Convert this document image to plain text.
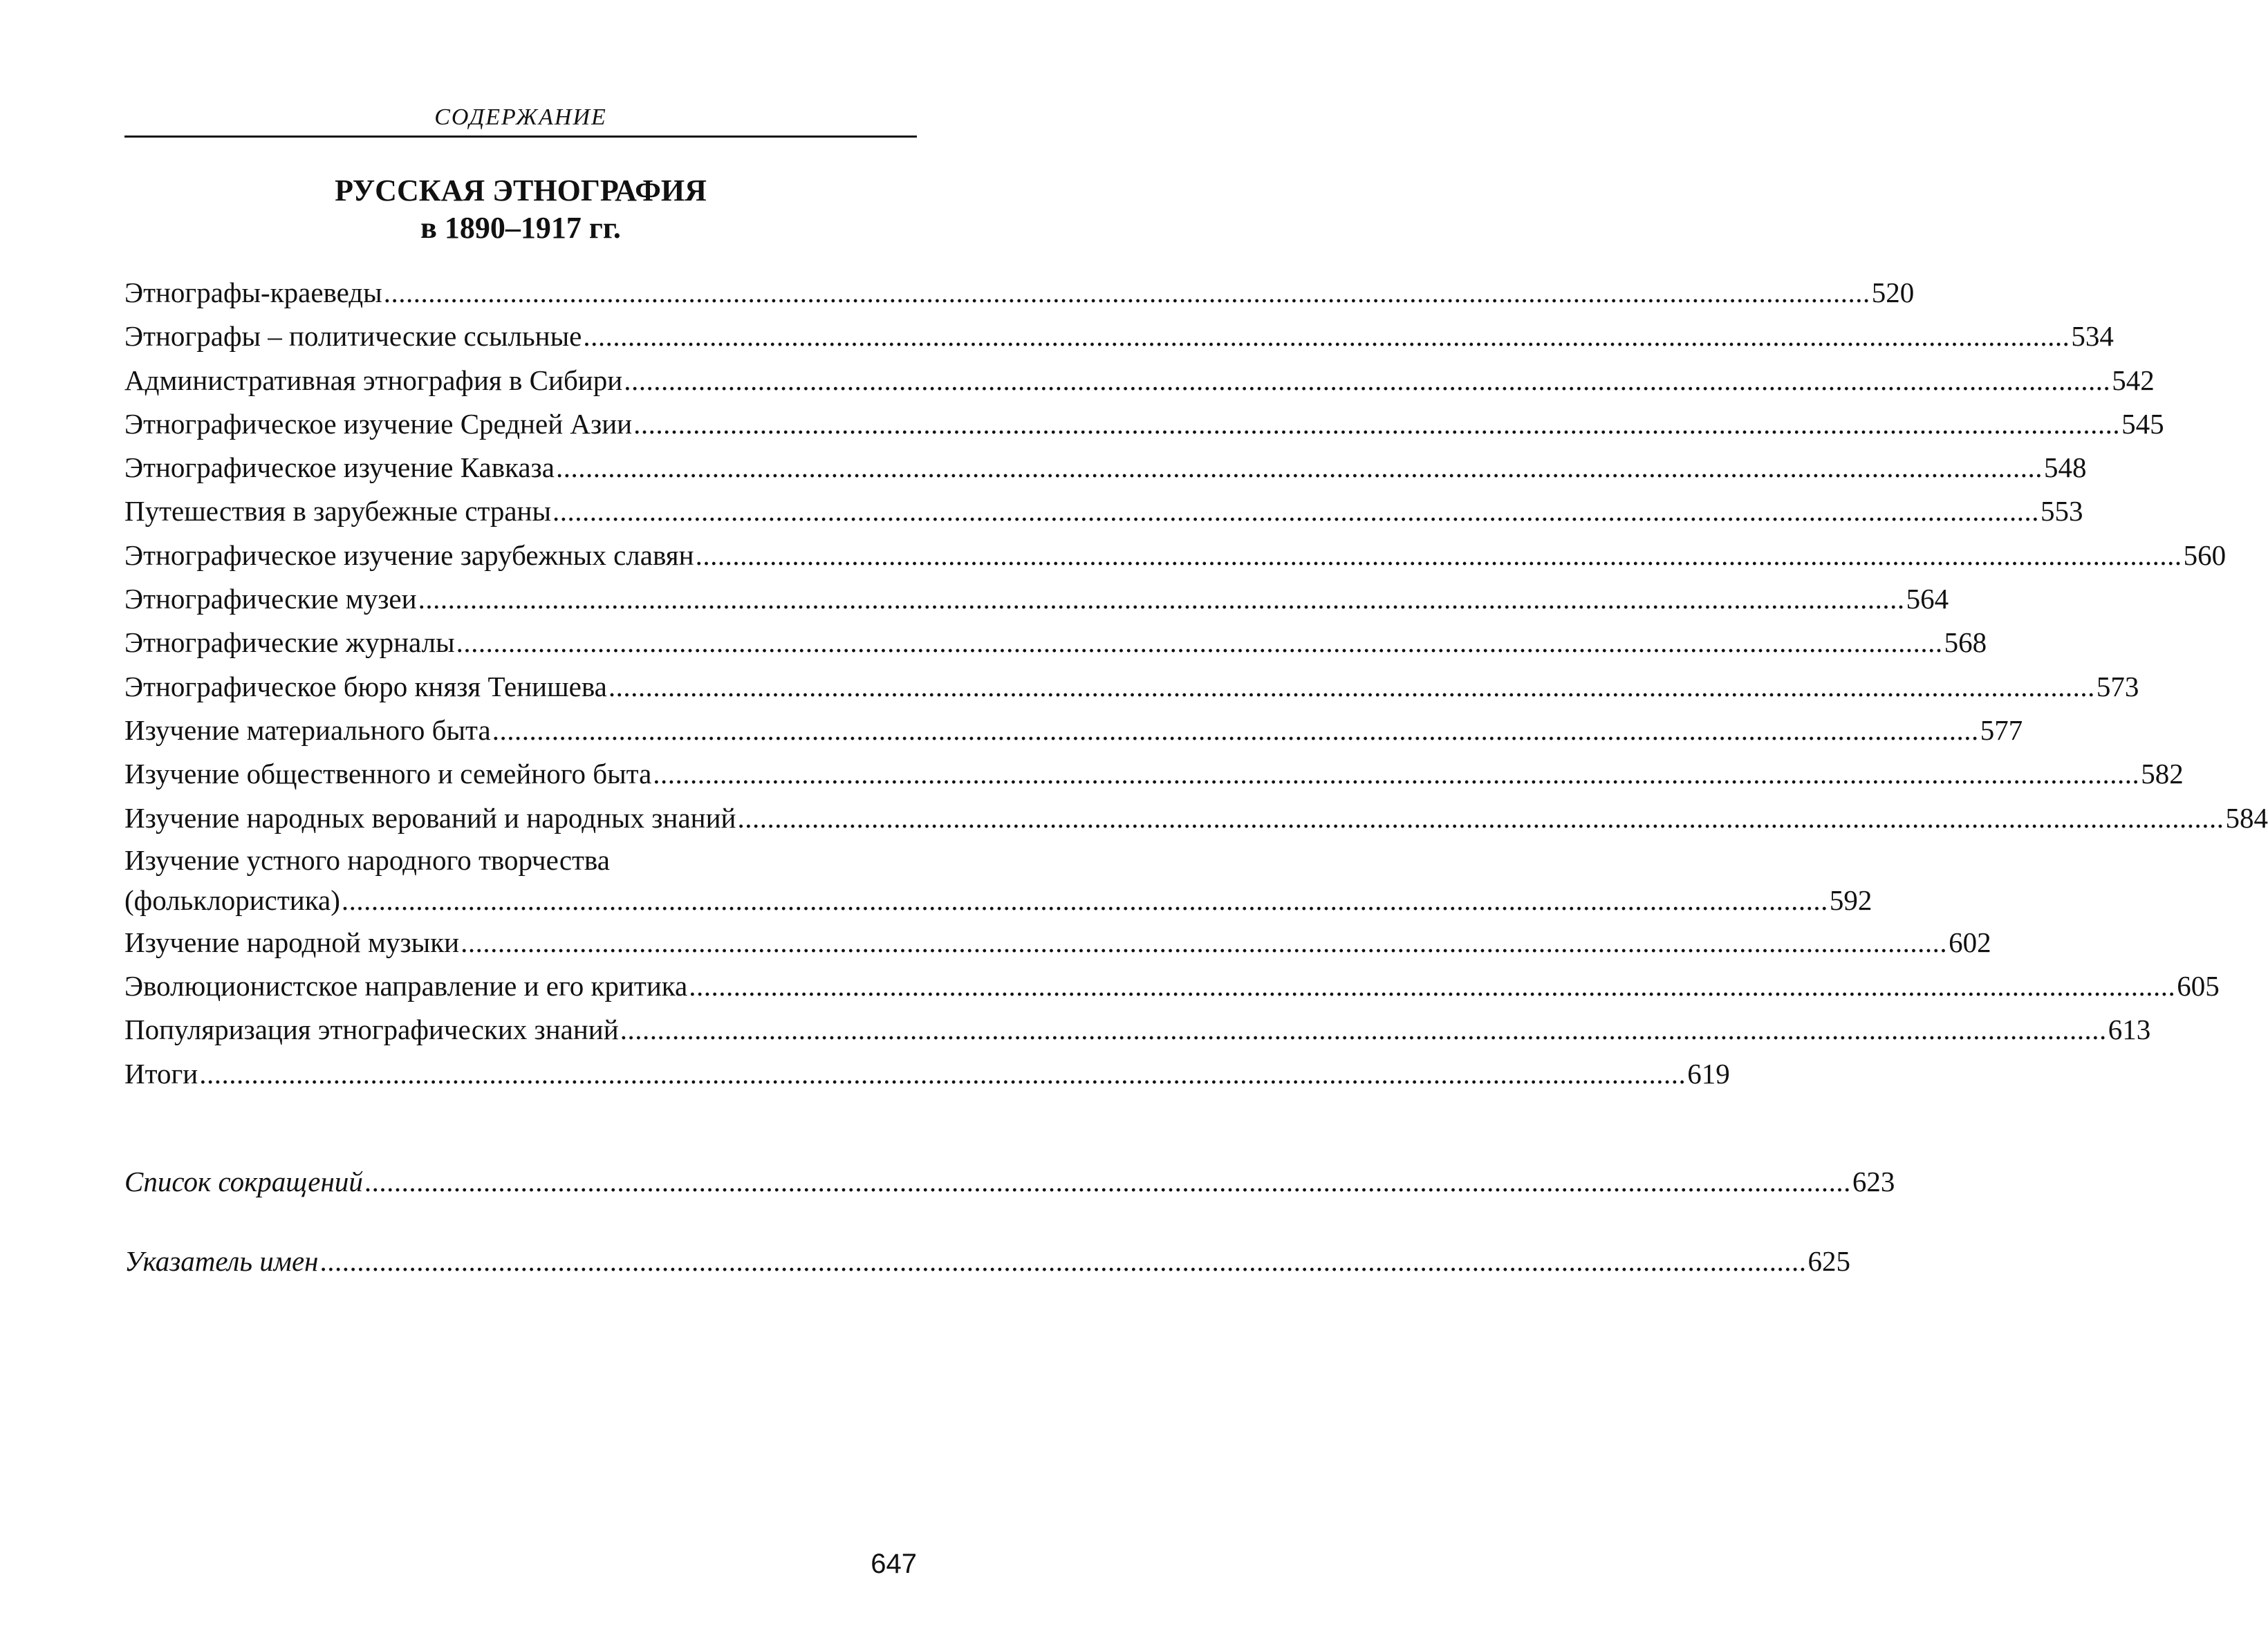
СОДЕРЖАНИЕ
РУССКАЯ ЭТНОГРАФИЯ
в 1890–1917 гг.
Этнографы-краеведы .....	520
Этнографы – политические ссыльные .....	534
Административная этнография в Сибири .....	542
Этнографическое изучение Средней Азии .....	545
Этнографическое изучение Кавказа .....	548
Путешествия в зарубежные страны .....	553
Этнографическое изучение зарубежных славян .....	560
Этнографические музеи .....	564
Этнографические журналы .....	568
Этнографическое бюро князя Тенишева .....	573
Изучение материального быта .....	577
Изучение общественного и семейного быта .....	582
Изучение народных верований и народных знаний .....	584
Изучение устного народного творчества
(фольклористика) ........................................................................................................................................................................................................ 592
Изучение народной музыки .....	602
Эволюционистское направление и его критика .....	605
Популяризация этнографических знаний .....	613
Итоги .....	619
Список сокращений .....	623
Указатель имен .....	625
647
